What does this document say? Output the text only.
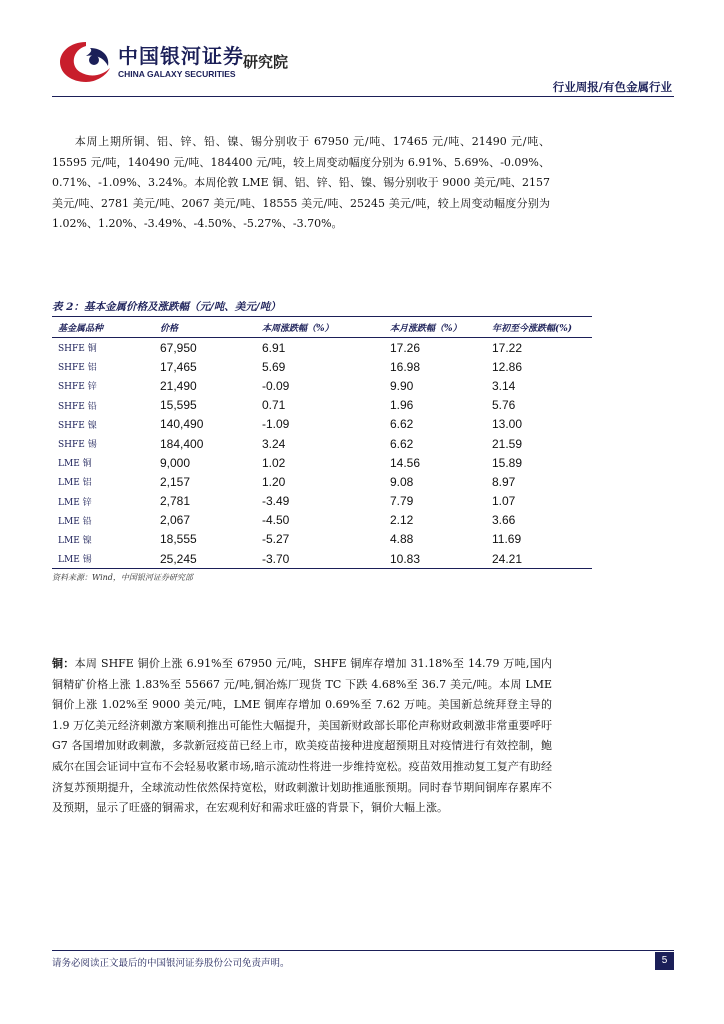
中国银河证券
CHINA GALAXY SECURITIES
研究院
行业周报/有色金属行业
本周上期所铜、铝、锌、铅、镍、锡分别收于 67950 元/吨、17465 元/吨、21490 元/吨、15595 元/吨，140490 元/吨、184400 元/吨，较上周变动幅度分别为 6.91%、5.69%、-0.09%、0.71%、-1.09%、3.24%。本周伦敦 LME 铜、铝、锌、铅、镍、锡分别收于 9000 美元/吨、2157 美元/吨、2781 美元/吨、2067 美元/吨、18555 美元/吨、25245 美元/吨，较上周变动幅度分别为 1.02%、1.20%、-3.49%、-4.50%、-5.27%、-3.70%。
表 2：基本金属价格及涨跌幅（元/吨、美元/吨）
基金属品种	价格	本周涨跌幅（%）	本月涨跌幅（%）	年初至今涨跌幅(%)
SHFE 铜	67,950	6.91	17.26	17.22
SHFE 铝	17,465	5.69	16.98	12.86
SHFE 锌	21,490	-0.09	9.90	3.14
SHFE 铅	15,595	0.71	1.96	5.76
SHFE 镍	140,490	-1.09	6.62	13.00
SHFE 锡	184,400	3.24	6.62	21.59
LME 铜	9,000	1.02	14.56	15.89
LME 铝	2,157	1.20	9.08	8.97
LME 锌	2,781	-3.49	7.79	1.07
LME 铅	2,067	-4.50	2.12	3.66
LME 镍	18,555	-5.27	4.88	11.69
LME 锡	25,245	-3.70	10.83	24.21
资料来源：Wind，中国银河证券研究部
铜：本周 SHFE 铜价上涨 6.91%至 67950 元/吨，SHFE 铜库存增加 31.18%至 14.79 万吨,国内铜精矿价格上涨 1.83%至 55667 元/吨,铜冶炼厂现货 TC 下跌 4.68%至 36.7 美元/吨。本周 LME 铜价上涨 1.02%至 9000 美元/吨，LME 铜库存增加 0.69%至 7.62 万吨。美国新总统拜登主导的 1.9 万亿美元经济刺激方案顺利推出可能性大幅提升，美国新财政部长耶伦声称财政刺激非常重要呼吁 G7 各国增加财政刺激，多款新冠疫苗已经上市，欧美疫苗接种进度超预期且对疫情进行有效控制，鲍威尔在国会证词中宣布不会轻易收紧市场,暗示流动性将进一步维持宽松。疫苗效用推动复工复产有助经济复苏预期提升，全球流动性依然保持宽松，财政刺激计划助推通胀预期。同时春节期间铜库存累库不及预期，显示了旺盛的铜需求，在宏观利好和需求旺盛的背景下，铜价大幅上涨。
请务必阅读正文最后的中国银河证券股份公司免责声明。	5
